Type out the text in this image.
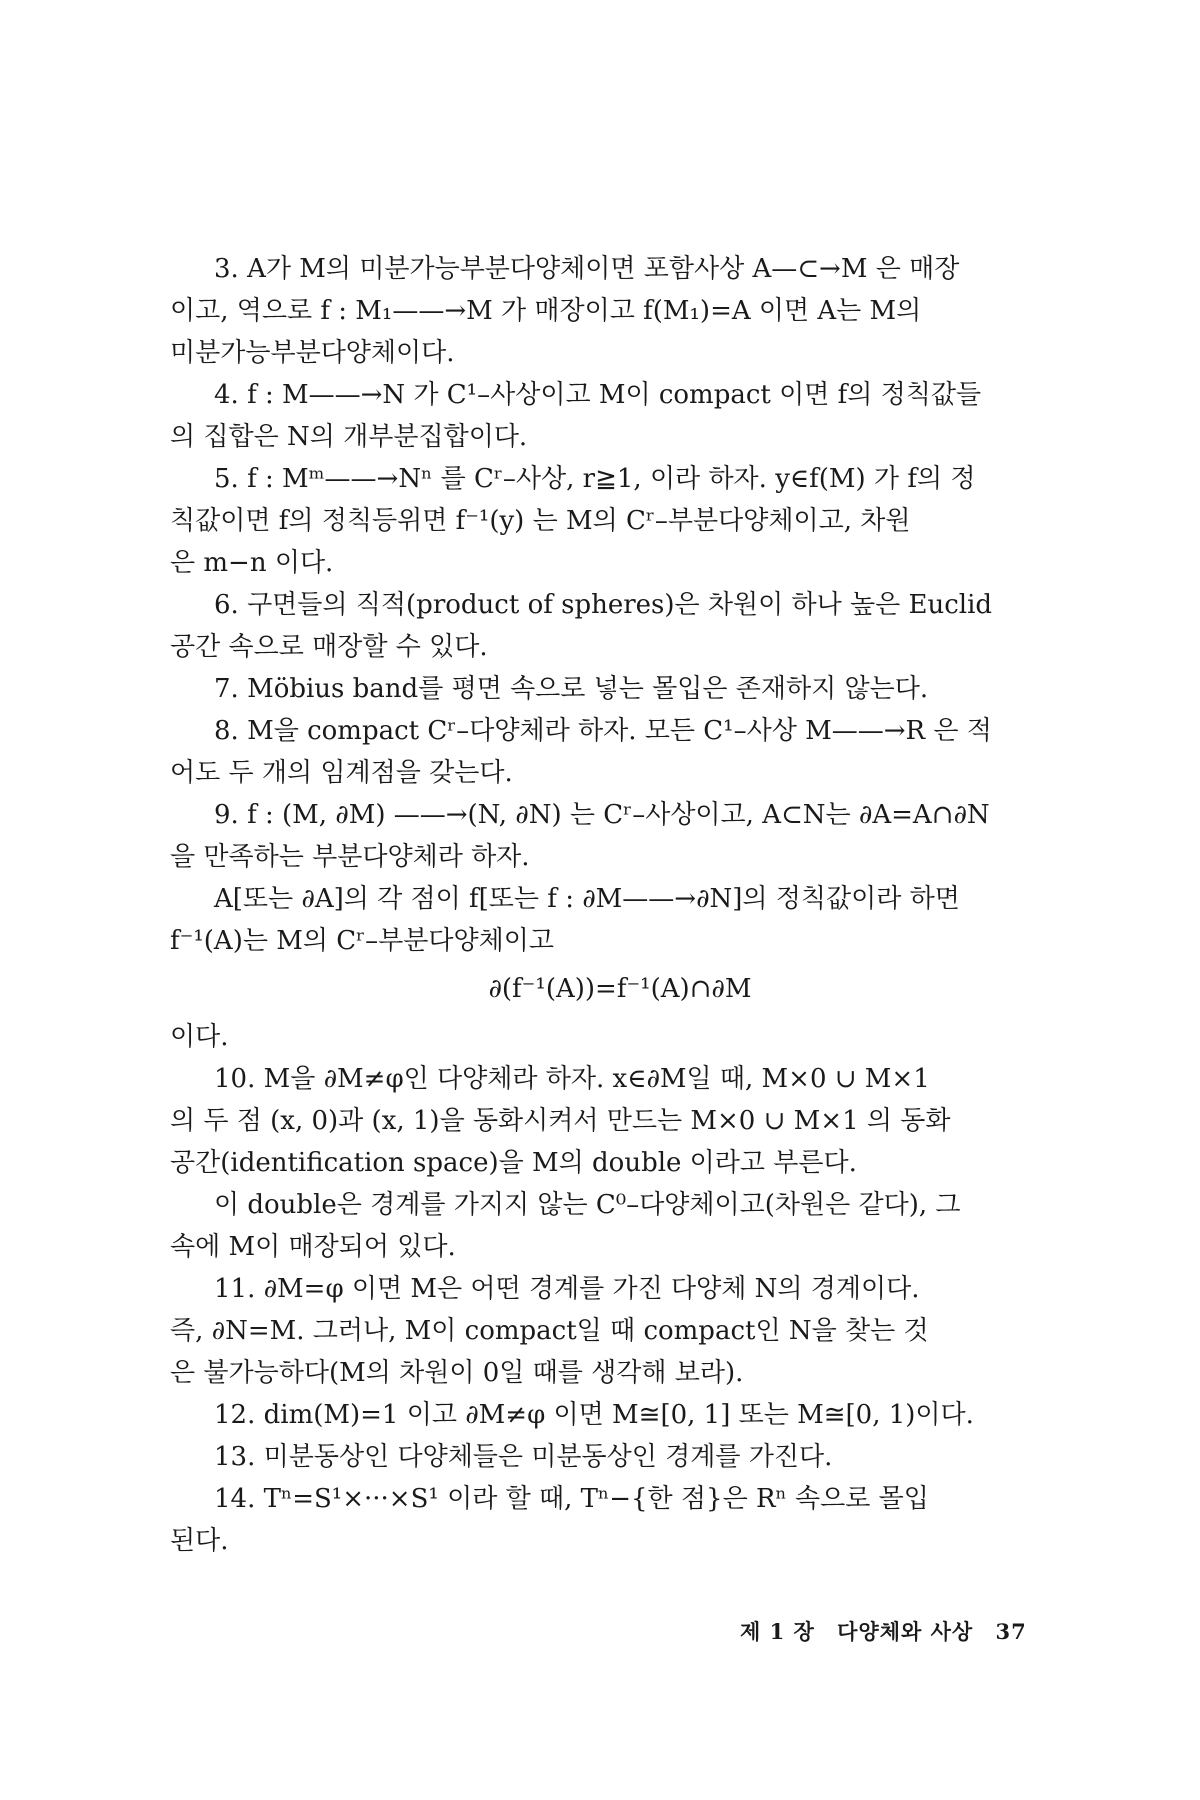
3. A가 M의 미분가능부분다양체이면 포함사상 A—⊂→M 은 매장
이고, 역으로 f : M₁——→M 가 매장이고 f(M₁)=A 이면 A는 M의
미분가능부분다양체이다.
4. f : M——→N 가 C¹–사상이고 M이 compact 이면 f의 정칙값들
의 집합은 N의 개부분집합이다.
5. f : Mᵐ——→Nⁿ 를 Cʳ–사상, r≧1, 이라 하자. y∈f(M) 가 f의 정
칙값이면 f의 정칙등위면 f⁻¹(y) 는 M의 Cʳ–부분다양체이고, 차원
은 m−n 이다.
6. 구면들의 직적(product of spheres)은 차원이 하나 높은 Euclid
공간 속으로 매장할 수 있다.
7. Möbius band를 평면 속으로 넣는 몰입은 존재하지 않는다.
8. M을 compact Cʳ–다양체라 하자. 모든 C¹–사상 M——→R 은 적
어도 두 개의 임계점을 갖는다.
9. f : (M, ∂M) ——→(N, ∂N) 는 Cʳ–사상이고, A⊂N는 ∂A=A∩∂N
을 만족하는 부분다양체라 하자.
A[또는 ∂A]의 각 점이 f[또는 f : ∂M——→∂N]의 정칙값이라 하면
f⁻¹(A)는 M의 Cʳ–부분다양체이고
∂(f⁻¹(A))=f⁻¹(A)∩∂M
이다.
10. M을 ∂M≠φ인 다양체라 하자. x∈∂M일 때, M×0 ∪ M×1
의 두 점 (x, 0)과 (x, 1)을 동화시켜서 만드는 M×0 ∪ M×1 의 동화
공간(identification space)을 M의 double 이라고 부른다.
이 double은 경계를 가지지 않는 C⁰–다양체이고(차원은 같다), 그
속에 M이 매장되어 있다.
11. ∂M=φ 이면 M은 어떤 경계를 가진 다양체 N의 경계이다.
즉, ∂N=M. 그러나, M이 compact일 때 compact인 N을 찾는 것
은 불가능하다(M의 차원이 0일 때를 생각해 보라).
12. dim(M)=1 이고 ∂M≠φ 이면 M≅[0, 1] 또는 M≅[0, 1)이다.
13. 미분동상인 다양체들은 미분동상인 경계를 가진다.
14. Tⁿ=S¹×···×S¹ 이라 할 때, Tⁿ−{한 점}은 Rⁿ 속으로 몰입
된다.
제 1 장 다양체와 사상 37
